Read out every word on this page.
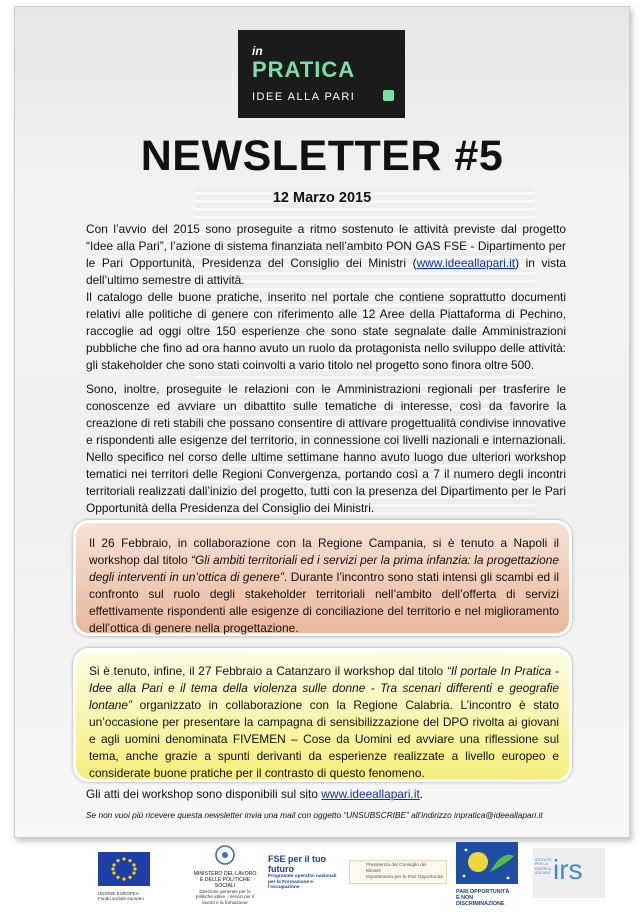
in
PRATICA
IDEE ALLA PARI
NEWSLETTER #5
12 Marzo 2015

Con l’avvio del 2015 sono proseguite a ritmo sostenuto le attività previste dal progetto “Idee alla Pari”, l’azione di sistema finanziata nell’ambito PON GAS FSE - Dipartimento per le Pari Opportunità, Presidenza del Consiglio dei Ministri (www.ideeallapari.it) in vista dell’ultimo semestre di attività.

Il catalogo delle buone pratiche, inserito nel portale che contiene soprattutto documenti relativi alle politiche di genere con riferimento alle 12 Aree della Piattaforma di Pechino, raccoglie ad oggi oltre 150 esperienze che sono state segnalate dalle Amministrazioni pubbliche che fino ad ora hanno avuto un ruolo da protagonista nello sviluppo delle attività: gli stakeholder che sono stati coinvolti a vario titolo nel progetto sono finora oltre 500.

Sono, inoltre, proseguite le relazioni con le Amministrazioni regionali per trasferire le conoscenze ed avviare un dibattito sulle tematiche di interesse, così da favorire la creazione di reti stabili che possano consentire di attivare progettualità condivise innovative e rispondenti alle esigenze del territorio, in connessione coi livelli nazionali e internazionali. Nello specifico nel corso delle ultime settimane hanno avuto luogo due ulteriori workshop tematici nei territori delle Regioni Convergenza, portando così a 7 il numero degli incontri territoriali realizzati dall’inizio del progetto, tutti con la presenza del Dipartimento per le Pari Opportunità della Presidenza del Consiglio dei Ministri.

Il 26 Febbraio, in collaborazione con la Regione Campania, si è tenuto a Napoli il workshop dal titolo “Gli ambiti territoriali ed i servizi per la prima infanzia: la progettazione degli interventi in un’ottica di genere”. Durante l’incontro sono stati intensi gli scambi ed il confronto sul ruolo degli stakeholder territoriali nell’ambito dell’offerta di servizi effettivamente rispondenti alle esigenze di conciliazione del territorio e nel miglioramento dell’ottica di genere nella progettazione.
Si è tenuto, infine, il 27 Febbraio a Catanzaro il workshop dal titolo “Il portale In Pratica - Idee alla Pari e il tema della violenza sulle donne - Tra scenari differenti e geografie lontane” organizzato in collaborazione con la Regione Calabria. L’incontro è stato un’occasione per presentare la campagna di sensibilizzazione del DPO rivolta ai giovani e agli uomini denominata FIVEMEN – Cose da Uomini ed avviare una riflessione sul tema, anche grazie a spunti derivanti da esperienze realizzate a livello europeo e considerate buone pratiche per il contrasto di questo fenomeno.
Gli atti dei workshop sono disponibili sul sito www.ideeallapari.it.
Se non vuoi più ricevere questa newsletter invia una mail con oggetto “UNSUBSCRIBE” all’indirizzo inpratica@ideeallapari.it
UNIONE EUROPEA
Fondo sociale europeo
MINISTERO DEL LAVORO
E DELLE POLITICHE SOCIALI
Direzione generale per le politiche attive, i servizi per il lavoro e la formazione
FSE per il tuo futuro
Programmi operativi nazionali per la Formazione e l'occupazione
Presidenza del Consiglio dei Ministri
Dipartimento per le Pari Opportunità
PARI OPPORTUNITÀ
E NON DISCRIMINAZIONE
ISTITUTO PER LA RICERCA SOCIALE irs
